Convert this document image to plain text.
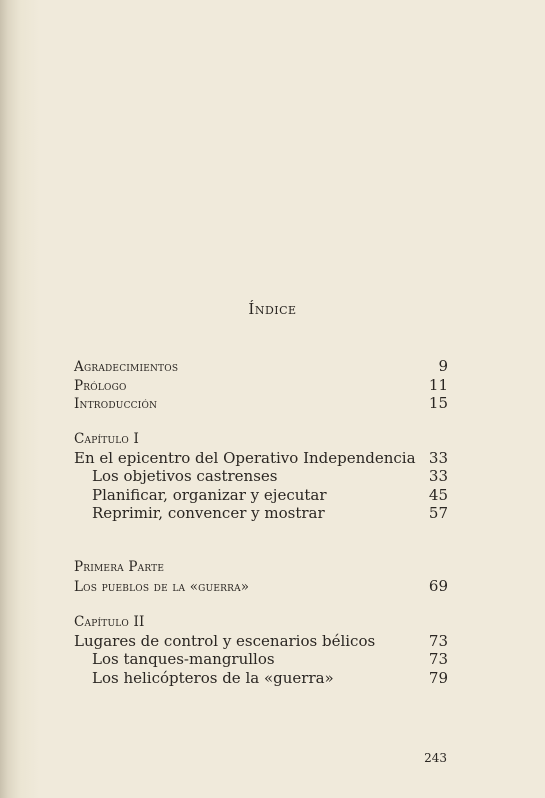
Índice
Agradecimientos	9
Prólogo	11
Introducción	15
Capítulo I
En el epicentro del Operativo Independencia 33
Los objetivos castrenses	33
Planificar, organizar y ejecutar	45
Reprimir, convencer y mostrar	57
Primera Parte
Los pueblos de la «guerra»	69
Capítulo II
Lugares de control y escenarios bélicos	73
Los tanques-mangrullos	73
Los helicópteros de la «guerra»	79
243
